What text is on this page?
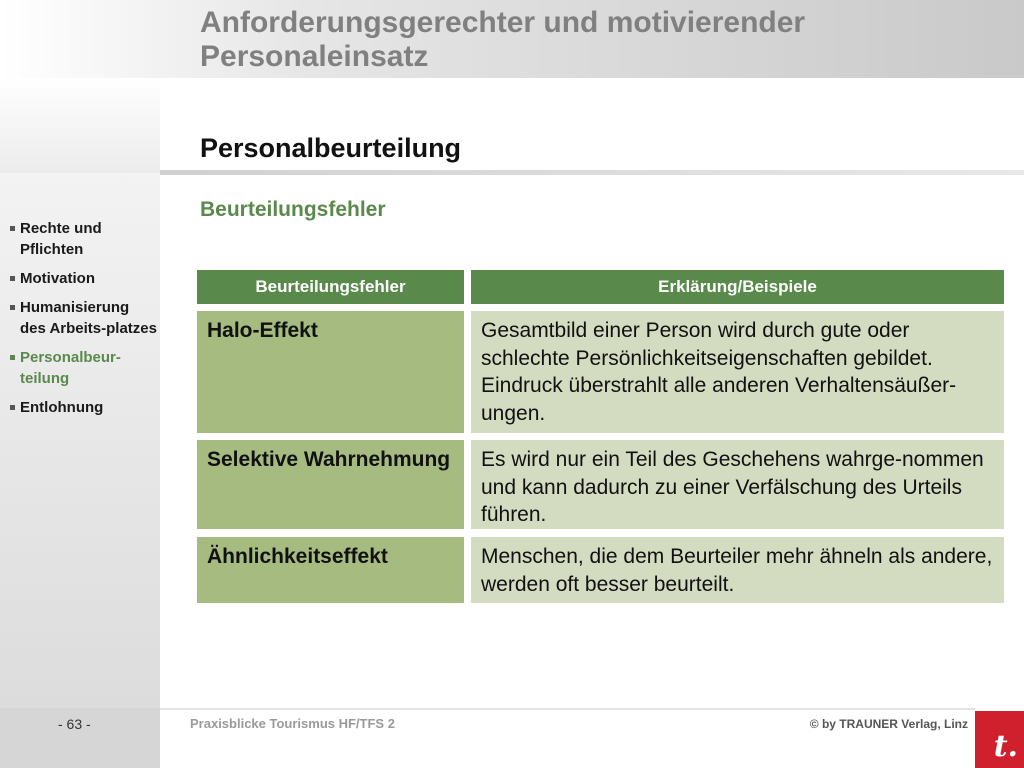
Anforderungsgerechter und motivierender Personaleinsatz
Rechte und Pflichten
Motivation
Humanisierung des Arbeits-platzes
Personalbeur-teilung
Entlohnung
Personalbeurteilung
Beurteilungsfehler
Beurteilungsfehler	Erklärung/Beispiele
Halo-Effekt	Gesamtbild einer Person wird durch gute oder schlechte Persönlichkeitseigenschaften gebildet. Eindruck überstrahlt alle anderen Verhaltensäußer-ungen.
Selektive Wahrnehmung	Es wird nur ein Teil des Geschehens wahrge-nommen und kann dadurch zu einer Verfälschung des Urteils führen.
Ähnlichkeitseffekt	Menschen, die dem Beurteiler mehr ähneln als andere, werden oft besser beurteilt.
- 63 -	Praxisblicke Tourismus HF/TFS 2	© by TRAUNER Verlag, Linz
t.
